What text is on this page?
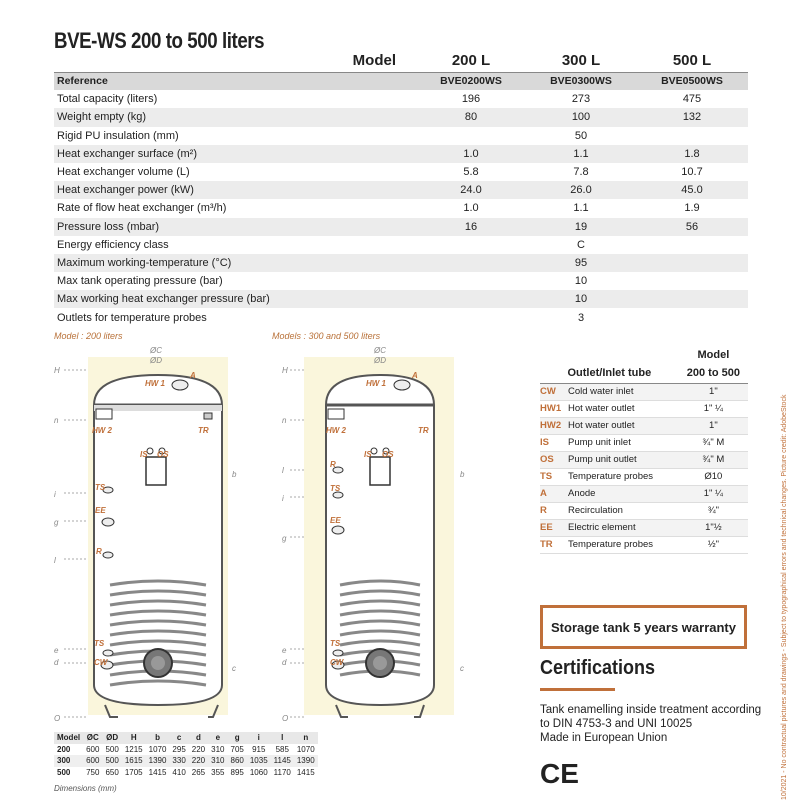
BVE-WS 200 to 500 liters
Model	200 L	300 L	500 L
Reference	BVE0200WS	BVE0300WS	BVE0500WS
Total capacity (liters)	196	273	475
Weight empty (kg)	80	100	132
Rigid PU insulation (mm)		50	
Heat exchanger surface (m²)	1.0	1.1	1.8
Heat exchanger volume (L)	5.8	7.8	10.7
Heat exchanger power (kW)	24.0	26.0	45.0
Rate of flow heat exchanger (m³/h)	1.0	1.1	1.9
Pressure loss (mbar)	16	19	56
Energy efficiency class		C	
Maximum working-temperature (°C)		95	
Max tank operating pressure (bar)		10	
Max working heat exchanger pressure (bar)		10	
Outlets for temperature probes		3	
Model : 200 liters	Models : 300 and 500 liters
HW 1
A
HW 2	TR
IS OS
TS
EE
R
TS
CW
H
n
i
g
l
e
d
O
b
c
ØC
ØD
HW 1
A
HW 2	TR
IS OS
R
TS
EE
TS
CW
H
n
l
i
g
e
d
O
b
c
ØC
ØD
Model	ØC	ØD	H	b	c	d	e	g	i	l	n
200	600	500	1215	1070	295	220	310	705	915	585	1070
300	600	500	1615	1390	330	220	310	860	1035	1145	1390
500	750	650	1705	1415	410	265	355	895	1060	1170	1415
Dimensions (mm)
		Model
Outlet/Inlet tube		200 to 500
CW	Cold water inlet	1"
HW1	Hot water outlet	1" ¼
HW2	Hot water outlet	1"
IS	Pump unit inlet	¾" M
OS	Pump unit outlet	¾" M
TS	Temperature probes	Ø10
A	Anode	1" ¼
R	Recirculation	¾"
EE	Electric element	1"½
TR	Temperature probes	½"
Storage tank 5 years warranty
Certifications
Tank enamelling inside treatment according to DIN 4753-3 and UNI 10025
Made in European Union
CE	10/2021 - No contractual pictures and drawings - Subject to typographical errors and technical changes. Picture credit: AdobeStock
